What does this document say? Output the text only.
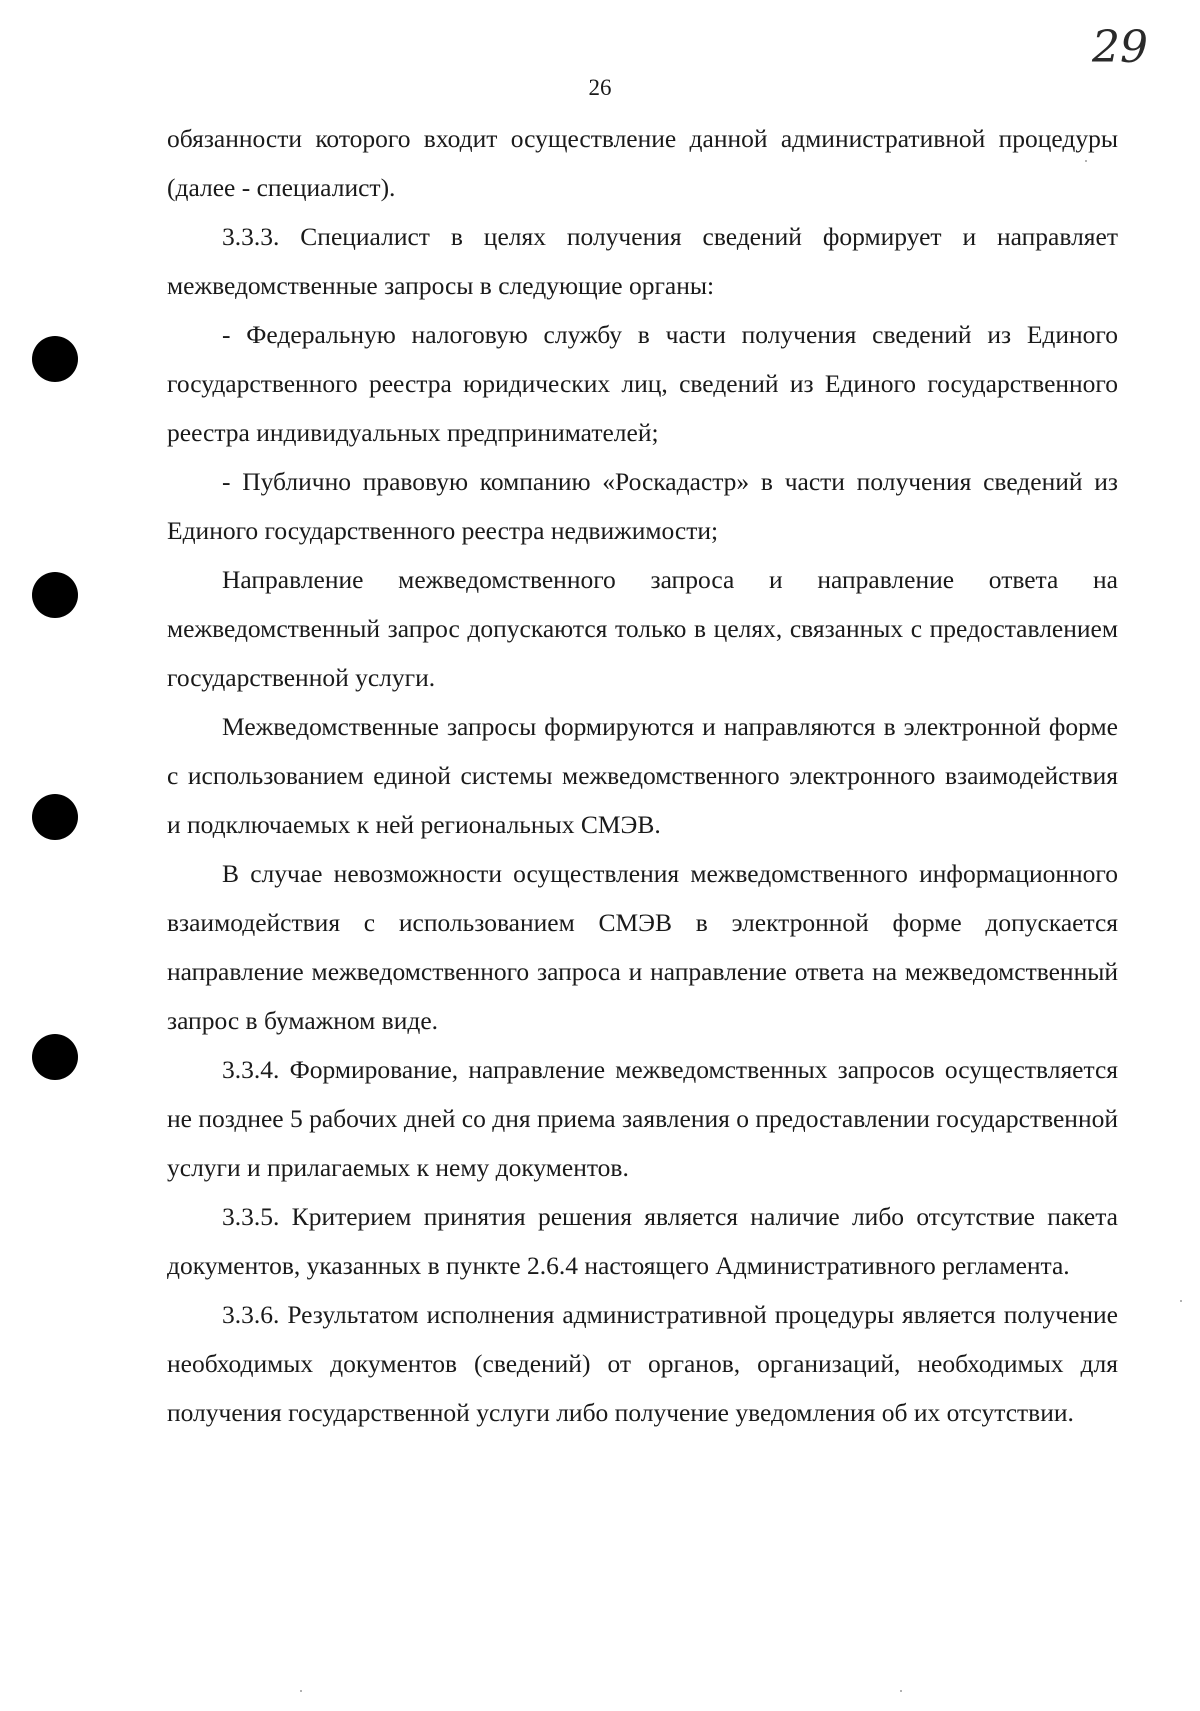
26
29

обязанности которого входит осуществление данной административной процедуры (далее - специалист).

3.3.3. Специалист в целях получения сведений формирует и направляет межведомственные запросы в следующие органы:

- Федеральную налоговую службу в части получения сведений из Единого государственного реестра юридических лиц, сведений из Единого государственного реестра индивидуальных предпринимателей;

- Публично правовую компанию «Роскадастр» в части получения сведений из Единого государственного реестра недвижимости;

Направление межведомственного запроса и направление ответа на межведомственный запрос допускаются только в целях, связанных с предоставлением государственной услуги.

Межведомственные запросы формируются и направляются в электронной форме с использованием единой системы межведомственного электронного взаимодействия и подключаемых к ней региональных СМЭВ.

В случае невозможности осуществления межведомственного информационного взаимодействия с использованием СМЭВ в электронной форме допускается направление межведомственного запроса и направление ответа на межведомственный запрос в бумажном виде.

3.3.4. Формирование, направление межведомственных запросов осуществляется не позднее 5 рабочих дней со дня приема заявления о предоставлении государственной услуги и прилагаемых к нему документов.

3.3.5. Критерием принятия решения является наличие либо отсутствие пакета документов, указанных в пункте 2.6.4 настоящего Административного регламента.

3.3.6. Результатом исполнения административной процедуры является получение необходимых документов (сведений) от органов, организаций, необходимых для получения государственной услуги либо получение уведомления об их отсутствии.
